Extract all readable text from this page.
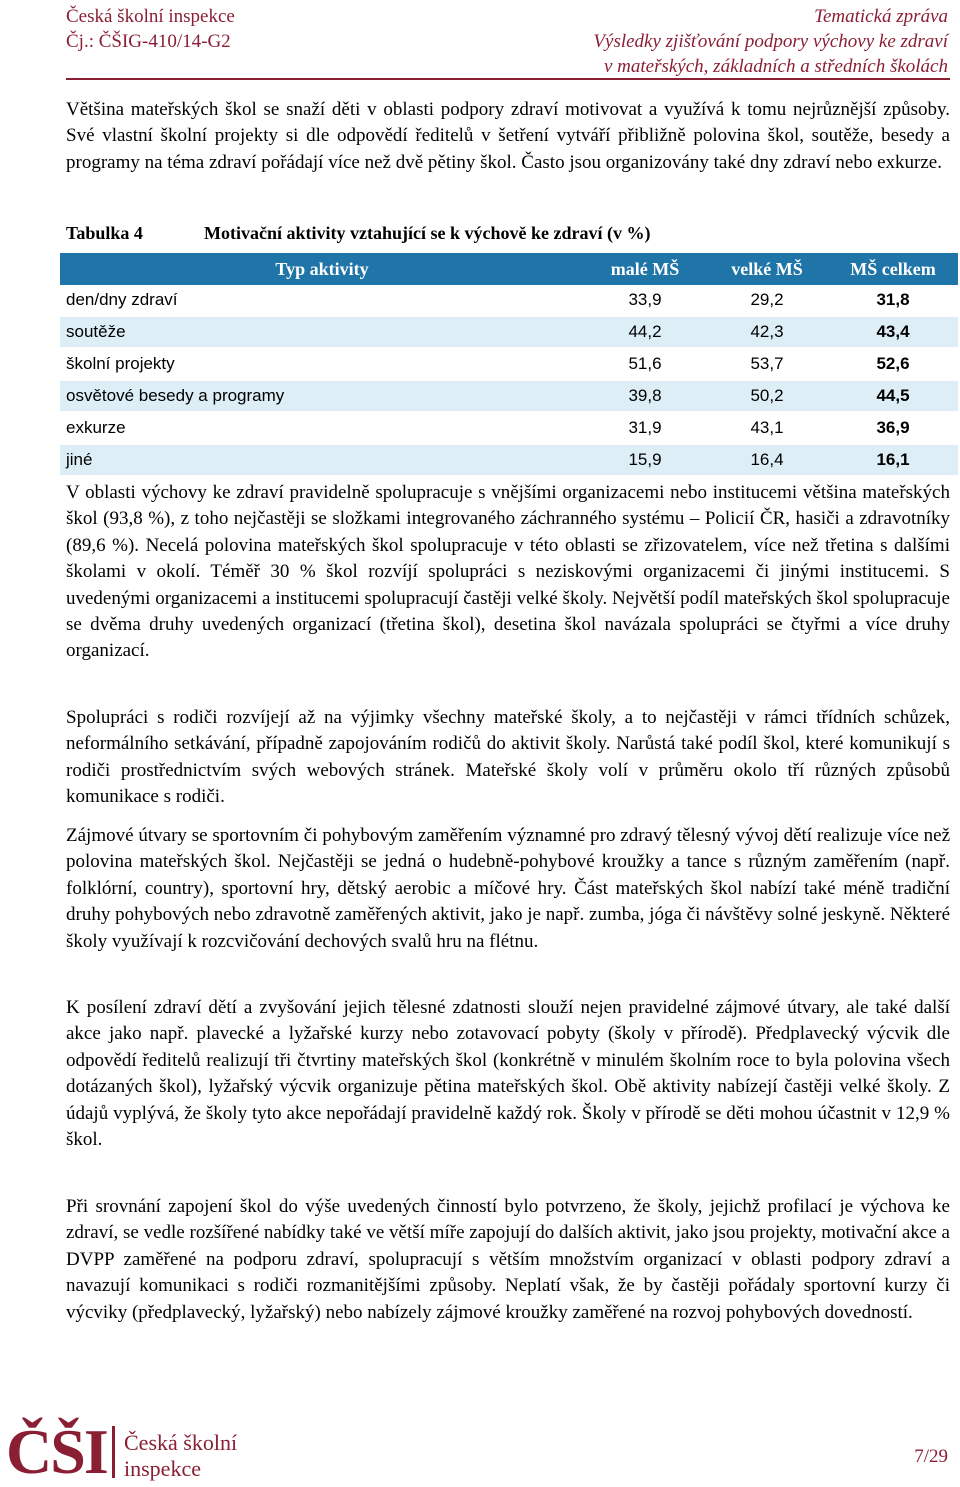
Česká školní inspekce
Čj.: ČŠIG-410/14-G2
Tematická zpráva
Výsledky zjišťování podpory výchovy ke zdraví
v mateřských, základních a středních školách

Většina mateřských škol se snaží děti v oblasti podpory zdraví motivovat a využívá k tomu nejrůznější způsoby. Své vlastní školní projekty si dle odpovědí ředitelů v šetření vytváří přibližně polovina škol, soutěže, besedy a programy na téma zdraví pořádají více než dvě pětiny škol. Často jsou organizovány také dny zdraví nebo exkurze.

Tabulka 4	Motivační aktivity vztahující se k výchově ke zdraví (v %)
Typ aktivity	malé MŠ	velké MŠ	MŠ celkem
den/dny zdraví	33,9	29,2	31,8
soutěže	44,2	42,3	43,4
školní projekty	51,6	53,7	52,6
osvětové besedy a programy	39,8	50,2	44,5
exkurze	31,9	43,1	36,9
jiné	15,9	16,4	16,1

V oblasti výchovy ke zdraví pravidelně spolupracuje s vnějšími organizacemi nebo institucemi většina mateřských škol (93,8 %), z toho nejčastěji se složkami integrovaného záchranného systému – Policií ČR, hasiči a zdravotníky (89,6 %). Necelá polovina mateřských škol spolupracuje v této oblasti se zřizovatelem, více než třetina s dalšími školami v okolí. Téměř 30 % škol rozvíjí spolupráci s neziskovými organizacemi či jinými institucemi. S uvedenými organizacemi a institucemi spolupracují častěji velké školy. Největší podíl mateřských škol spolupracuje se dvěma druhy uvedených organizací (třetina škol), desetina škol navázala spolupráci se čtyřmi a více druhy organizací.

Spolupráci s rodiči rozvíjejí až na výjimky všechny mateřské školy, a to nejčastěji v rámci třídních schůzek, neformálního setkávání, případně zapojováním rodičů do aktivit školy. Narůstá také podíl škol, které komunikují s rodiči prostřednictvím svých webových stránek. Mateřské školy volí v průměru okolo tří různých způsobů komunikace s rodiči.

Zájmové útvary se sportovním či pohybovým zaměřením významné pro zdravý tělesný vývoj dětí realizuje více než polovina mateřských škol. Nejčastěji se jedná o hudebně-pohybové kroužky a tance s různým zaměřením (např. folklórní, country), sportovní hry, dětský aerobic a míčové hry. Část mateřských škol nabízí také méně tradiční druhy pohybových nebo zdravotně zaměřených aktivit, jako je např. zumba, jóga či návštěvy solné jeskyně. Některé školy využívají k rozcvičování dechových svalů hru na flétnu.

K posílení zdraví dětí a zvyšování jejich tělesné zdatnosti slouží nejen pravidelné zájmové útvary, ale také další akce jako např. plavecké a lyžařské kurzy nebo zotavovací pobyty (školy v přírodě). Předplavecký výcvik dle odpovědí ředitelů realizují tři čtvrtiny mateřských škol (konkrétně v minulém školním roce to byla polovina všech dotázaných škol), lyžařský výcvik organizuje pětina mateřských škol. Obě aktivity nabízejí častěji velké školy. Z údajů vyplývá, že školy tyto akce nepořádají pravidelně každý rok. Školy v přírodě se děti mohou účastnit v 12,9 % škol.

Při srovnání zapojení škol do výše uvedených činností bylo potvrzeno, že školy, jejichž profilací je výchova ke zdraví, se vedle rozšířené nabídky také ve větší míře zapojují do dalších aktivit, jako jsou projekty, motivační akce a DVPP zaměřené na podporu zdraví, spolupracují s větším množstvím organizací v oblasti podpory zdraví a navazují komunikaci s rodiči rozmanitějšími způsoby. Neplatí však, že by častěji pořádaly sportovní kurzy či výcviky (předplavecký, lyžařský) nebo nabízely zájmové kroužky zaměřené na rozvoj pohybových dovedností.

ČŠI Česká školní
inspekce	7/29
